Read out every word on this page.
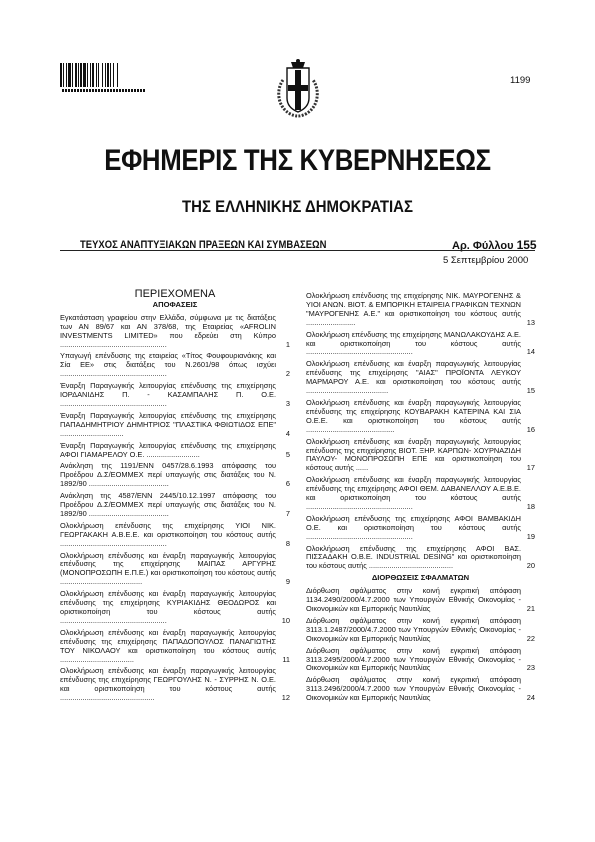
1199
ΕΦΗΜΕΡΙΣ ΤΗΣ ΚΥΒΕΡΝΗΣΕΩΣ
ΤΗΣ ΕΛΛΗΝΙΚΗΣ ΔΗΜΟΚΡΑΤΙΑΣ
ΤΕΥΧΟΣ ΑΝΑΠΤΥΞΙΑΚΩΝ ΠΡΑΞΕΩΝ ΚΑΙ ΣΥΜΒΑΣΕΩΝ	Αρ. Φύλλου 155
5 Σεπτεμβρίου 2000
ΠΕΡΙΕΧΟΜΕΝΑ
ΑΠΟΦΑΣΕΙΣ
Εγκατάσταση γραφείου στην Ελλάδα, σύμφωνα με τις διατάξεις των ΑΝ 89/67 και ΑΝ 378/68, της Εταιρείας «AFROLIN INVESTMENTS LIMITED» που εδρεύει στη Κύπρο ....................................................	1
Υπαγωγή επένδυσης της εταιρείας «Τίτος Φουφουριανάκης και Σία ΕΕ» στις διατάξεις του Ν.2601/98 όπως ισχύει ....................................................	2
Έναρξη Παραγωγικής λειτουργίας επένδυσης της επιχείρησης ΙΟΡΔΑΝΙΔΗΣ Π. - ΚΑΣΑΜΠΑΛΗΣ Π. Ο.Ε. ....................................................	3
Έναρξη Παραγωγικής λειτουργίας επένδυσης της επιχείρησης ΠΑΠΑΔΗΜΗΤΡΙΟΥ ΔΗΜΗΤΡΙΟΣ "ΠΛΑΣΤΙΚΑ ΦΘΙΩΤΙΔΟΣ ΕΠΕ" ...............................	4
Έναρξη Παραγωγικής λειτουργίας επένδυσης της επιχείρησης ΑΦΟΙ ΓΙΑΜΑΡΕΛΟΥ Ο.Ε. ..........................	5
Ανάκληση της 1191/ΕΝΝ 0457/28.6.1993 απόφασης του Προέδρου Δ.Σ/ΕΟΜΜΕΧ περί υπαγωγής στις διατάξεις του Ν. 1892/90 .......................................	6
Ανάκληση της 4587/ΕΝΝ 2445/10.12.1997 απόφασης του Προέδρου Δ.Σ/ΕΟΜΜΕΧ περί υπαγωγής στις διατάξεις του Ν. 1892/90 .......................................	7
Ολοκλήρωση επένδυσης της επιχείρησης ΥΙΟΙ ΝΙΚ. ΓΕΩΡΓΑΚΑΚΗ Α.Β.Ε.Ε. και οριστικοποίηση του κόστους αυτής ....................................................	8
Ολοκλήρωση επένδυσης και έναρξη παραγωγικής λειτουργίας επένδυσης της επιχείρησης ΜΑΙΠΑΣ ΑΡΓΥΡΗΣ (ΜΟΝΟΠΡΟΣΩΠΗ Ε.Π.Ε.) και οριστικοποίηση του κόστους αυτής ........................................	9
Ολοκλήρωση επένδυσης και έναρξη παραγωγικής λειτουργίας επένδυσης της επιχείρησης ΚΥΡΙΑΚΙΔΗΣ ΘΕΟΔΩΡΟΣ και οριστικοποίηση του κόστους αυτής ....................................................	10
Ολοκλήρωση επένδυσης και έναρξη παραγωγικής λειτουργίας επένδυσης της επιχείρησης ΠΑΠΑΔΟΠΟΥΛΟΣ ΠΑΝΑΓΙΩΤΗΣ ΤΟΥ ΝΙΚΟΛΑΟΥ και οριστικοποίηση του κόστους αυτής ....................................	11
Ολοκλήρωση επένδυσης και έναρξη παραγωγικής λειτουργίας επένδυσης της επιχείρησης ΓΕΩΡΓΟΥΛΗΣ Ν. - ΣΥΡΡΗΣ Ν. Ο.Ε. και οριστικοποίηση του κόστους αυτής ..............................................	12
Ολοκλήρωση επένδυσης της επιχείρησης ΝΙΚ. ΜΑΥΡΟΓΕΝΗΣ & ΥΙΟΙ ΑΝΩΝ. ΒΙΟΤ. & ΕΜΠΟΡΙΚΗ ΕΤΑΙΡΕΙΑ ΓΡΑΦΙΚΩΝ ΤΕΧΝΩΝ "ΜΑΥΡΟΓΕΝΗΣ Α.Ε." και οριστικοποίηση του κόστους αυτής ........................	13
Ολοκλήρωση επένδυσης της επιχείρησης ΜΑΝΩΛΑΚΟΥΔΗΣ Α.Ε. και οριστικοποίηση του κόστους αυτής ....................................................	14
Ολοκλήρωση επένδυσης και έναρξη παραγωγικής λειτουργίας επένδυσης της επιχείρησης "ΑΙΑΣ" ΠΡΟΪΟΝΤΑ ΛΕΥΚΟΥ ΜΑΡΜΑΡΟΥ Α.Ε. και οριστικοποίηση του κόστους αυτής ........................................	15
Ολοκλήρωση επένδυσης και έναρξη παραγωγικής λειτουργίας επένδυσης της επιχείρησης ΚΟΥΒΑΡΑΚΗ ΚΑΤΕΡΙΝΑ ΚΑΙ ΣΙΑ Ο.Ε.Ε. και οριστικοποίηση του κόστους αυτής ...........................................	16
Ολοκλήρωση επένδυσης και έναρξη παραγωγικής λειτουργίας επένδυσης της επιχείρησης ΒΙΟΤ. ΞΗΡ. ΚΑΡΠΩΝ- ΧΟΥΡΝΑΖΙΔΗ ΠΑΥΛΟΥ- ΜΟΝΟΠΡΟΣΩΠΗ ΕΠΕ και οριστικοποίηση του κόστους αυτής ......	17
Ολοκλήρωση επένδυσης και έναρξη παραγωγικής λειτουργίας επένδυσης της επιχείρησης ΑΦΟΙ ΘΕΜ. ΔΑΒΑΝΕΛΛΟΥ Α.Ε.Β.Ε. και οριστικοποίηση του κόστους αυτής ....................................................	18
Ολοκλήρωση επένδυσης της επιχείρησης ΑΦΟΙ ΒΑΜΒΑΚΙΔΗ Ο.Ε. και οριστικοποίηση του κόστους αυτής ....................................................	19
Ολοκλήρωση επένδυσης της επιχείρησης ΑΦΟΙ ΒΑΣ. ΠΙΣΣΑΔΑΚΗ Ο.Β.Ε. INDUSTRIAL DESING" και οριστικοποίηση του κόστους αυτής .........................................	20
ΔΙΟΡΘΩΣΕΙΣ ΣΦΑΛΜΑΤΩΝ
Διόρθωση σφάλματος στην κοινή εγκριτική απόφαση 1134.2490/2000/4.7.2000 των Υπουργών Εθνικής Οικονομίας - Οικονομικών και Εμπορικής Ναυτιλίας	21
Διόρθωση σφάλματος στην κοινή εγκριτική απόφαση 3113.1.2487/2000/4.7.2000 των Υπουργών Εθνικής Οικονομίας - Οικονομικών και Εμπορικής Ναυτιλίας	22
Διόρθωση σφάλματος στην κοινή εγκριτική απόφαση 3113.2495/2000/4.7.2000 των Υπουργών Εθνικής Οικονομίας - Οικονομικών και Εμπορικής Ναυτιλίας	23
Διόρθωση σφάλματος στην κοινή εγκριτική απόφαση 3113.2496/2000/4.7.2000 των Υπουργών Εθνικής Οικονομίας - Οικονομικών και Εμπορικής Ναυτιλίας	24
